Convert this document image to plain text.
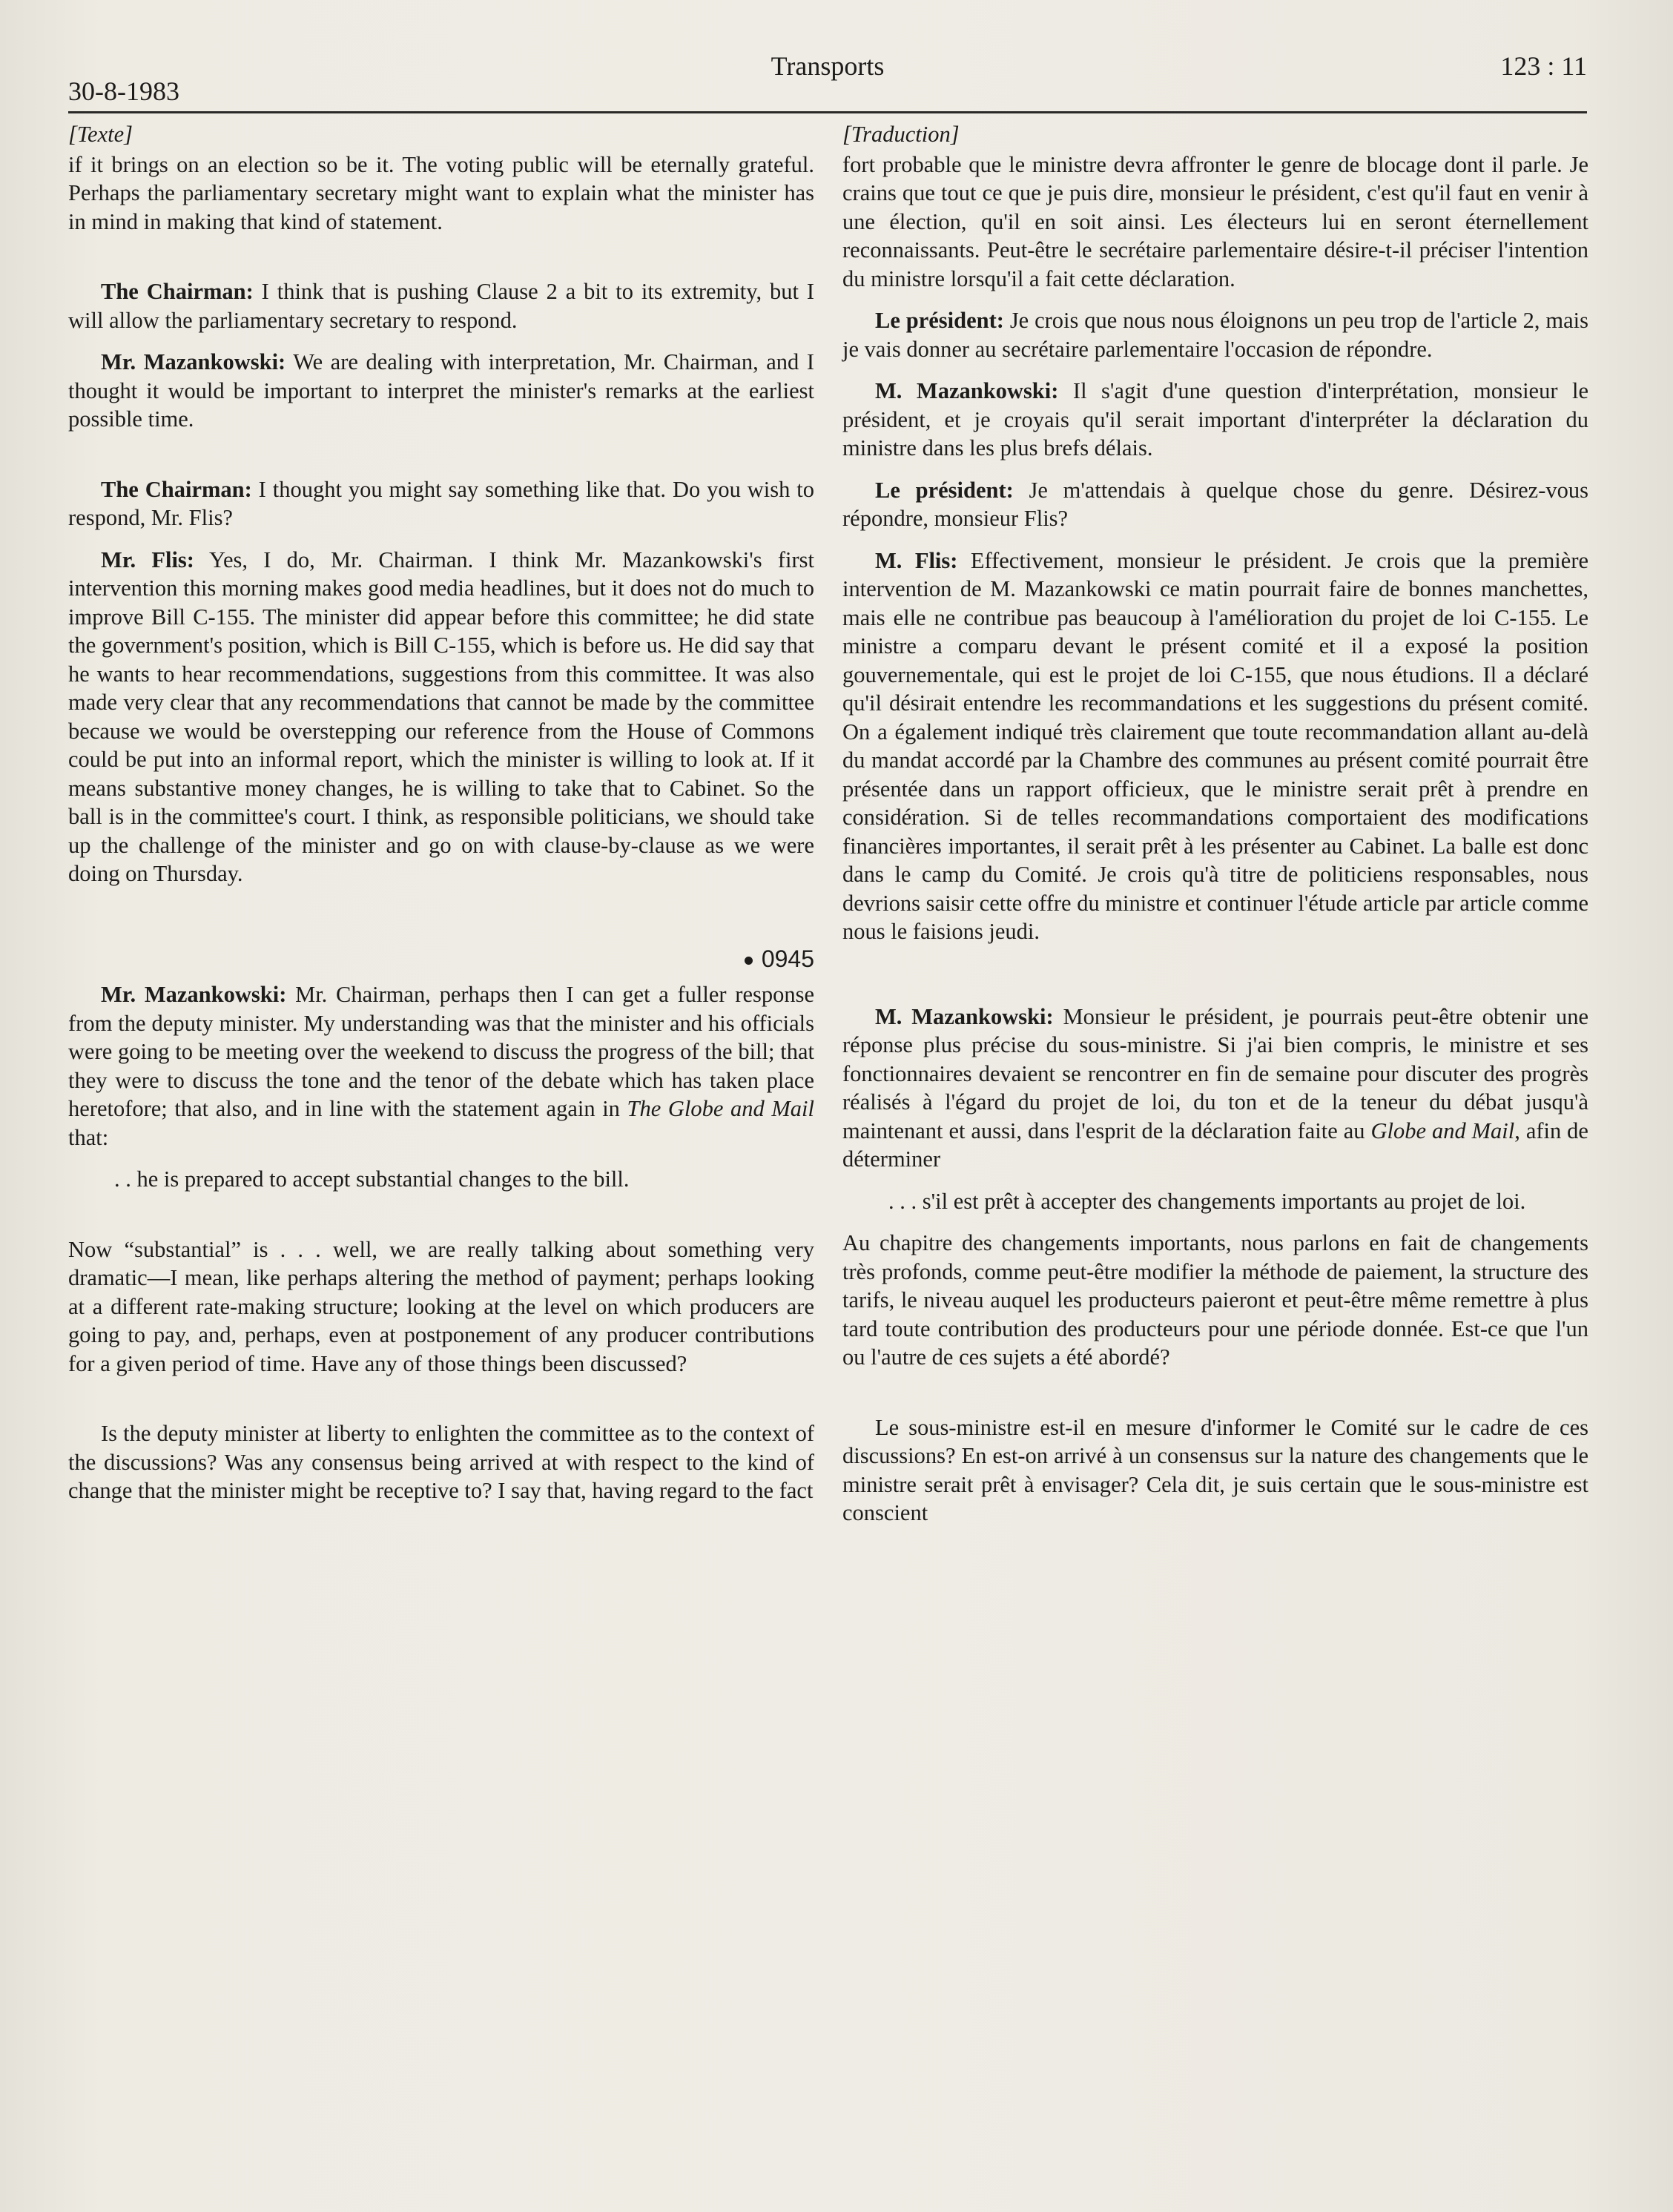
30-8-1983
Transports	123 : 11
[Texte]

if it brings on an election so be it. The voting public will be eternally grateful. Perhaps the parliamentary secretary might want to explain what the minister has in mind in making that kind of statement.

The Chairman: I think that is pushing Clause 2 a bit to its extremity, but I will allow the parliamentary secretary to respond.

Mr. Mazankowski: We are dealing with interpretation, Mr. Chairman, and I thought it would be important to interpret the minister's remarks at the earliest possible time.

The Chairman: I thought you might say something like that. Do you wish to respond, Mr. Flis?

Mr. Flis: Yes, I do, Mr. Chairman. I think Mr. Mazankowski's first intervention this morning makes good media headlines, but it does not do much to improve Bill C-155. The minister did appear before this committee; he did state the government's position, which is Bill C-155, which is before us. He did say that he wants to hear recommendations, suggestions from this committee. It was also made very clear that any recommendations that cannot be made by the committee because we would be overstepping our reference from the House of Commons could be put into an informal report, which the minister is willing to look at. If it means substantive money changes, he is willing to take that to Cabinet. So the ball is in the committee's court. I think, as responsible politicians, we should take up the challenge of the minister and go on with clause-by-clause as we were doing on Thursday.

0945

Mr. Mazankowski: Mr. Chairman, perhaps then I can get a fuller response from the deputy minister. My understanding was that the minister and his officials were going to be meeting over the weekend to discuss the progress of the bill; that they were to discuss the tone and the tenor of the debate which has taken place heretofore; that also, and in line with the statement again in The Globe and Mail that:

. . he is prepared to accept substantial changes to the bill.

Now “substantial” is . . . well, we are really talking about something very dramatic—I mean, like perhaps altering the method of payment; perhaps looking at a different rate-making structure; looking at the level on which producers are going to pay, and, perhaps, even at postponement of any producer contributions for a given period of time. Have any of those things been discussed?

Is the deputy minister at liberty to enlighten the committee as to the context of the discussions? Was any consensus being arrived at with respect to the kind of change that the minister might be receptive to? I say that, having regard to the fact

[Traduction]

fort probable que le ministre devra affronter le genre de blocage dont il parle. Je crains que tout ce que je puis dire, monsieur le président, c'est qu'il faut en venir à une élection, qu'il en soit ainsi. Les électeurs lui en seront éternellement reconnaissants. Peut-être le secrétaire parlementaire désire-t-il préciser l'intention du ministre lorsqu'il a fait cette déclaration.

Le président: Je crois que nous nous éloignons un peu trop de l'article 2, mais je vais donner au secrétaire parlementaire l'occasion de répondre.

M. Mazankowski: Il s'agit d'une question d'interprétation, monsieur le président, et je croyais qu'il serait important d'interpréter la déclaration du ministre dans les plus brefs délais.

Le président: Je m'attendais à quelque chose du genre. Désirez-vous répondre, monsieur Flis?

M. Flis: Effectivement, monsieur le président. Je crois que la première intervention de M. Mazankowski ce matin pourrait faire de bonnes manchettes, mais elle ne contribue pas beaucoup à l'amélioration du projet de loi C-155. Le ministre a comparu devant le présent comité et il a exposé la position gouvernementale, qui est le projet de loi C-155, que nous étudions. Il a déclaré qu'il désirait entendre les recommandations et les suggestions du présent comité. On a également indiqué très clairement que toute recommandation allant au-delà du mandat accordé par la Chambre des communes au présent comité pourrait être présentée dans un rapport officieux, que le ministre serait prêt à prendre en considération. Si de telles recommandations comportaient des modifications financières importantes, il serait prêt à les présenter au Cabinet. La balle est donc dans le camp du Comité. Je crois qu'à titre de politiciens responsables, nous devrions saisir cette offre du ministre et continuer l'étude article par article comme nous le faisions jeudi.

M. Mazankowski: Monsieur le président, je pourrais peut-être obtenir une réponse plus précise du sous-ministre. Si j'ai bien compris, le ministre et ses fonctionnaires devaient se rencontrer en fin de semaine pour discuter des progrès réalisés à l'égard du projet de loi, du ton et de la teneur du débat jusqu'à maintenant et aussi, dans l'esprit de la déclaration faite au Globe and Mail, afin de déterminer

. . . s'il est prêt à accepter des changements importants au projet de loi.

Au chapitre des changements importants, nous parlons en fait de changements très profonds, comme peut-être modifier la méthode de paiement, la structure des tarifs, le niveau auquel les producteurs paieront et peut-être même remettre à plus tard toute contribution des producteurs pour une période donnée. Est-ce que l'un ou l'autre de ces sujets a été abordé?

Le sous-ministre est-il en mesure d'informer le Comité sur le cadre de ces discussions? En est-on arrivé à un consensus sur la nature des changements que le ministre serait prêt à envisager? Cela dit, je suis certain que le sous-ministre est conscient
